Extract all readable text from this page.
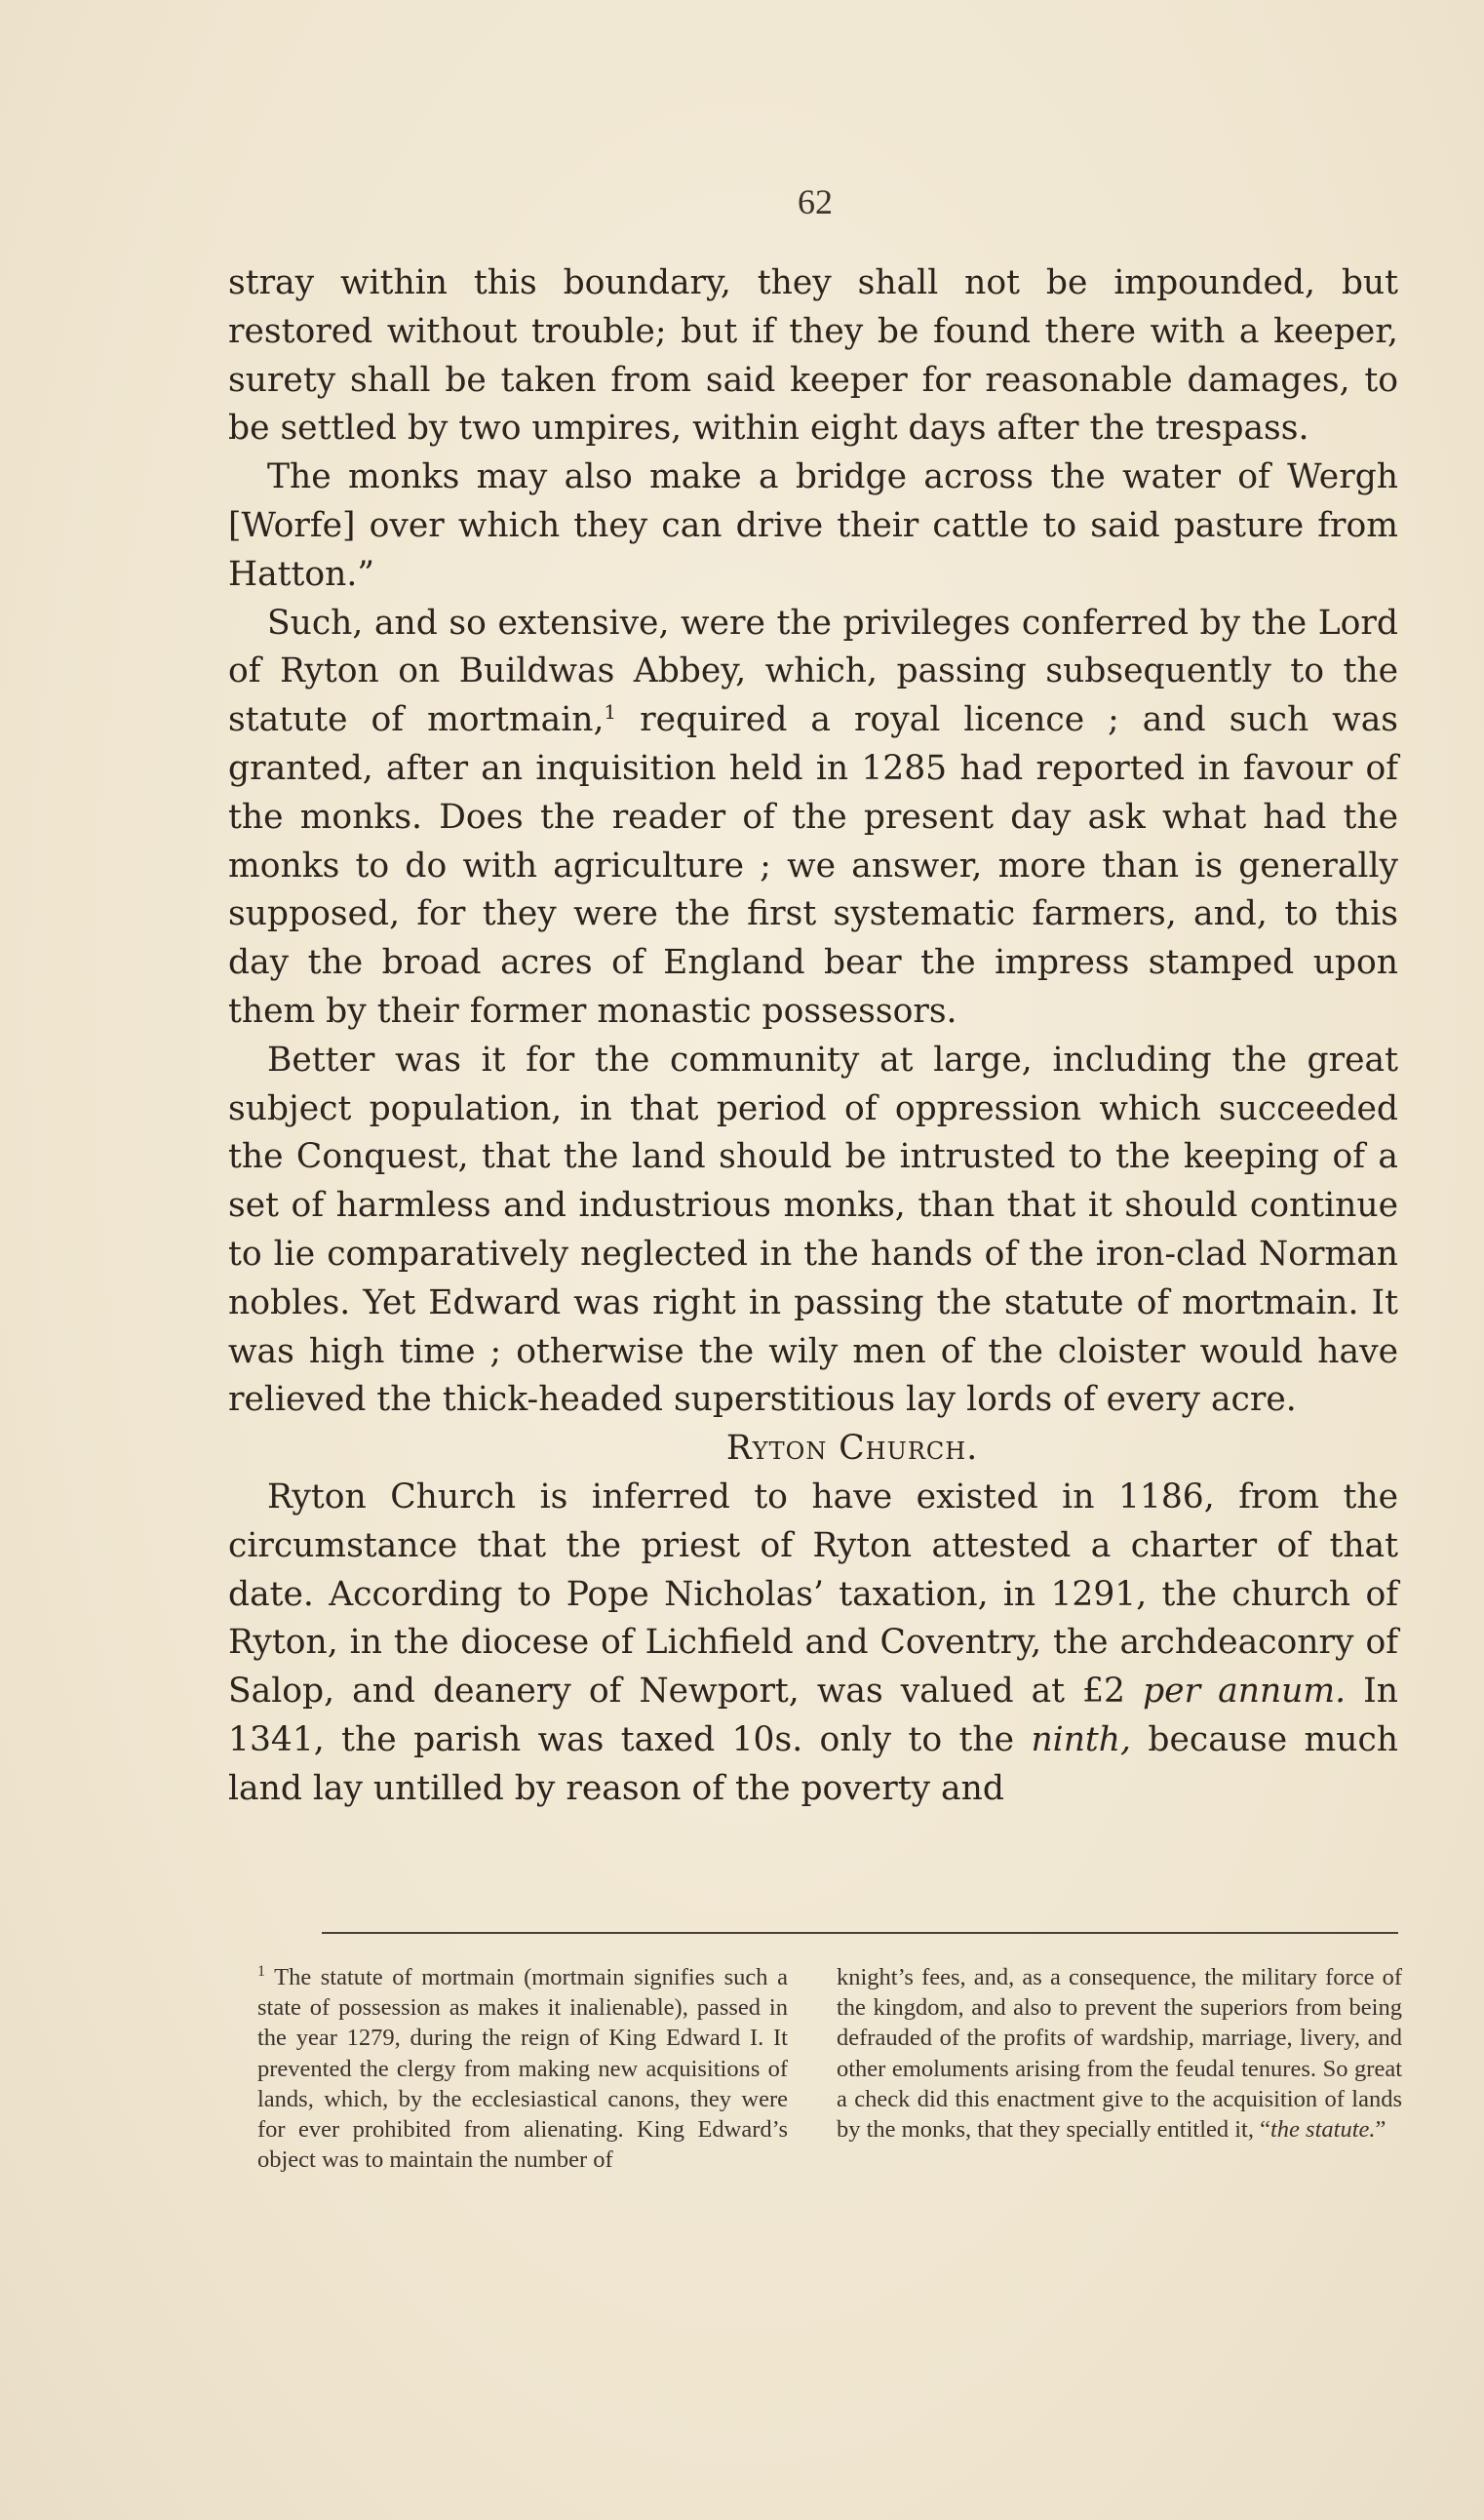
62

stray within this boundary, they shall not be impounded, but restored without trouble; but if they be found there with a keeper, surety shall be taken from said keeper for reasonable damages, to be settled by two umpires, within eight days after the trespass.

The monks may also make a bridge across the water of Wergh [Worfe] over which they can drive their cattle to said pasture from Hatton.”

Such, and so extensive, were the privileges conferred by the Lord of Ryton on Buildwas Abbey, which, passing subsequently to the statute of mortmain,$^1$ required a royal licence ; and such was granted, after an inquisition held in 1285 had reported in favour of the monks. Does the reader of the present day ask what had the monks to do with agriculture ; we answer, more than is generally supposed, for they were the first systematic farmers, and, to this day the broad acres of England bear the impress stamped upon them by their former monastic possessors.

Better was it for the community at large, including the great subject population, in that period of oppression which succeeded the Conquest, that the land should be intrusted to the keeping of a set of harmless and industrious monks, than that it should continue to lie comparatively neglected in the hands of the iron-clad Norman nobles. Yet Edward was right in passing the statute of mortmain. It was high time ; otherwise the wily men of the cloister would have relieved the thick-headed superstitious lay lords of every acre.

Ryton Church.

Ryton Church is inferred to have existed in 1186, from the circumstance that the priest of Ryton attested a charter of that date. According to Pope Nicholas’ taxation, in 1291, the church of Ryton, in the diocese of Lichfield and Coventry, the archdeaconry of Salop, and deanery of Newport, was valued at £2 per annum. In 1341, the parish was taxed 10s. only to the ninth, because much land lay untilled by reason of the poverty and

$^1$ The statute of mortmain (mortmain signifies such a state of possession as makes it inalienable), passed in the year 1279, during the reign of King Edward I. It prevented the clergy from making new acquisitions of lands, which, by the ecclesiastical canons, they were for ever prohibited from alienating. King Edward’s object was to maintain the number of
knight’s fees, and, as a consequence, the military force of the kingdom, and also to prevent the superiors from being defrauded of the profits of wardship, marriage, livery, and other emoluments arising from the feudal tenures. So great a check did this enactment give to the acquisition of lands by the monks, that they specially entitled it, “the statute.”
